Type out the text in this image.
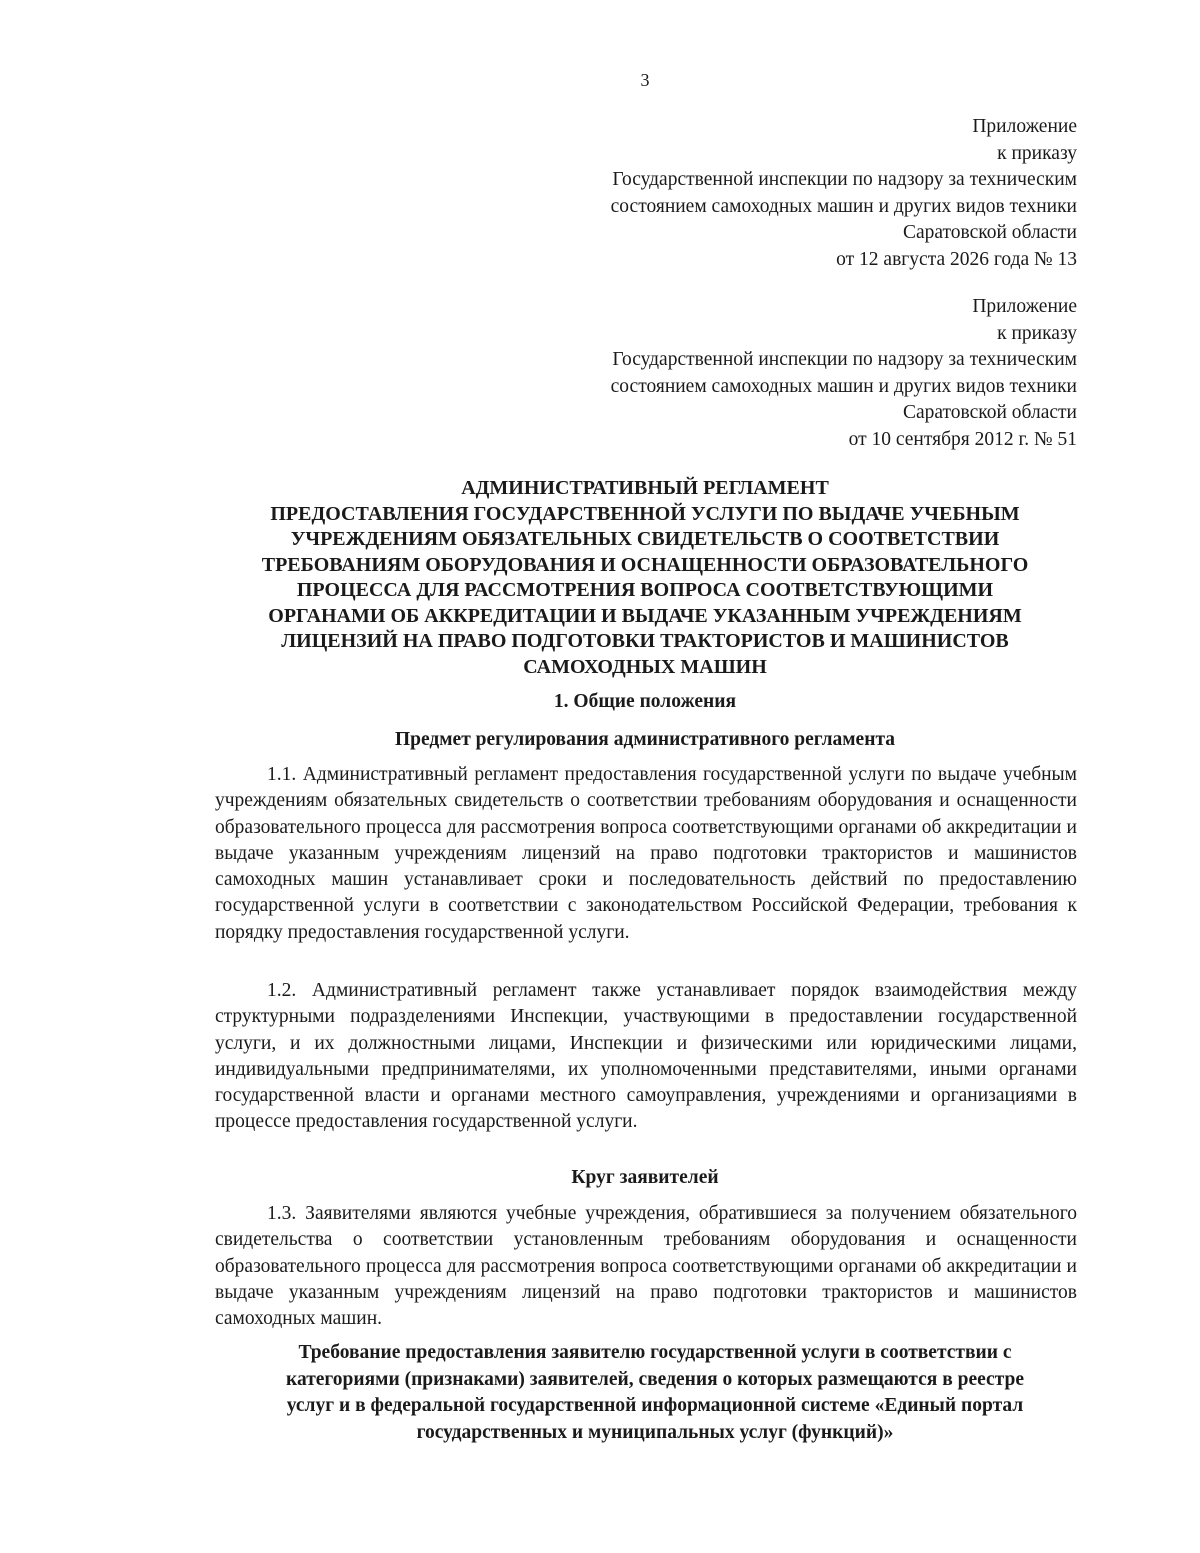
3
Приложение
к приказу
Государственной инспекции по надзору за техническим
состоянием самоходных машин и других видов техники
Саратовской области
от 12 августа 2026 года № 13
Приложение
к приказу
Государственной инспекции по надзору за техническим
состоянием самоходных машин и других видов техники
Саратовской области
от 10 сентября 2012 г. № 51
АДМИНИСТРАТИВНЫЙ РЕГЛАМЕНТ
ПРЕДОСТАВЛЕНИЯ ГОСУДАРСТВЕННОЙ УСЛУГИ ПО ВЫДАЧЕ УЧЕБНЫМ
УЧРЕЖДЕНИЯМ ОБЯЗАТЕЛЬНЫХ СВИДЕТЕЛЬСТВ О СООТВЕТСТВИИ
ТРЕБОВАНИЯМ ОБОРУДОВАНИЯ И ОСНАЩЕННОСТИ ОБРАЗОВАТЕЛЬНОГО
ПРОЦЕССА ДЛЯ РАССМОТРЕНИЯ ВОПРОСА СООТВЕТСТВУЮЩИМИ
ОРГАНАМИ ОБ АККРЕДИТАЦИИ И ВЫДАЧЕ УКАЗАННЫМ УЧРЕЖДЕНИЯМ
ЛИЦЕНЗИЙ НА ПРАВО ПОДГОТОВКИ ТРАКТОРИСТОВ И МАШИНИСТОВ
САМОХОДНЫХ МАШИН
1. Общие положения
Предмет регулирования административного регламента

1.1. Административный регламент предоставления государственной услуги по выдаче учебным учреждениям обязательных свидетельств о соответствии требованиям оборудования и оснащенности образовательного процесса для рассмотрения вопроса соответствующими органами об аккредитации и выдаче указанным учреждениям лицензий на право подготовки трактористов и машинистов самоходных машин устанавливает сроки и последовательность действий по предоставлению государственной услуги в соответствии с законодательством Российской Федерации, требования к порядку предоставления государственной услуги.

1.2. Административный регламент также устанавливает порядок взаимодействия между структурными подразделениями Инспекции, участвующими в предоставлении государственной услуги, и их должностными лицами, Инспекции и физическими или юридическими лицами, индивидуальными предпринимателями, их уполномоченными представителями, иными органами государственной власти и органами местного самоуправления, учреждениями и организациями в процессе предоставления государственной услуги.

Круг заявителей

1.3. Заявителями являются учебные учреждения, обратившиеся за получением обязательного свидетельства о соответствии установленным требованиям оборудования и оснащенности образовательного процесса для рассмотрения вопроса соответствующими органами об аккредитации и выдаче указанным учреждениям лицензий на право подготовки трактористов и машинистов самоходных машин.

Требование предоставления заявителю государственной услуги в соответствии с
категориями (признаками) заявителей, сведения о которых размещаются в реестре
услуг и в федеральной государственной информационной системе «Единый портал
государственных и муниципальных услуг (функций)»
